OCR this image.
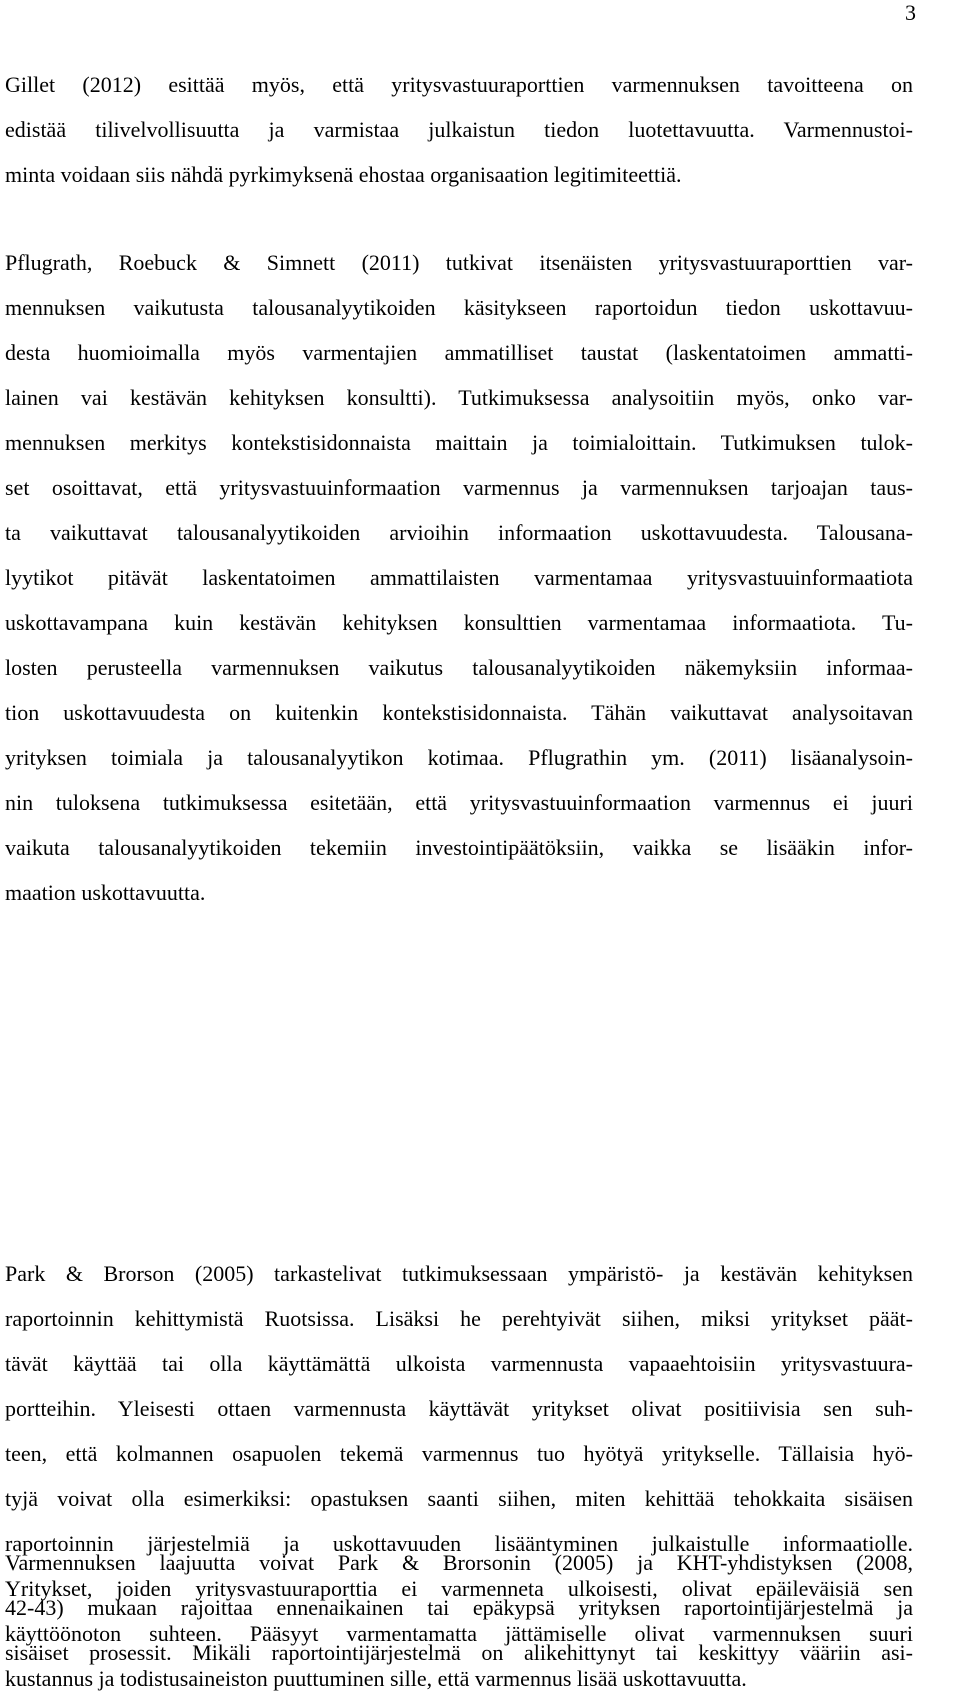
3
Gillet (2012) esittää myös, että yritysvastuuraporttien varmennuksen tavoitteena on
edistää tilivelvollisuutta ja varmistaa julkaistun tiedon luotettavuutta. Varmennustoi-
minta voidaan siis nähdä pyrkimyksenä ehostaa organisaation legitimiteettiä.
Pflugrath, Roebuck & Simnett (2011) tutkivat itsenäisten yritysvastuuraporttien var-
mennuksen vaikutusta talousanalyytikoiden käsitykseen raportoidun tiedon uskottavuu-
desta huomioimalla myös varmentajien ammatilliset taustat (laskentatoimen ammatti-
lainen vai kestävän kehityksen konsultti). Tutkimuksessa analysoitiin myös, onko var-
mennuksen merkitys kontekstisidonnaista maittain ja toimialoittain. Tutkimuksen tulok-
set osoittavat, että yritysvastuuinformaation varmennus ja varmennuksen tarjoajan taus-
ta vaikuttavat talousanalyytikoiden arvioihin informaation uskottavuudesta. Talousana-
lyytikot pitävät laskentatoimen ammattilaisten varmentamaa yritysvastuuinformaatiota
uskottavampana kuin kestävän kehityksen konsulttien varmentamaa informaatiota. Tu-
losten perusteella varmennuksen vaikutus talousanalyytikoiden näkemyksiin informaa-
tion uskottavuudesta on kuitenkin kontekstisidonnaista. Tähän vaikuttavat analysoitavan
yrityksen toimiala ja talousanalyytikon kotimaa. Pflugrathin ym. (2011) lisäanalysoin-
nin tuloksena tutkimuksessa esitetään, että yritysvastuuinformaation varmennus ei juuri
vaikuta talousanalyytikoiden tekemiin investointipäätöksiin, vaikka se lisääkin infor-
maation uskottavuutta.
Park & Brorson (2005) tarkastelivat tutkimuksessaan ympäristö- ja kestävän kehityksen
raportoinnin kehittymistä Ruotsissa. Lisäksi he perehtyivät siihen, miksi yritykset päät-
tävät käyttää tai olla käyttämättä ulkoista varmennusta vapaaehtoisiin yritysvastuura-
portteihin. Yleisesti ottaen varmennusta käyttävät yritykset olivat positiivisia sen suh-
teen, että kolmannen osapuolen tekemä varmennus tuo hyötyä yritykselle. Tällaisia hyö-
tyjä voivat olla esimerkiksi: opastuksen saanti siihen, miten kehittää tehokkaita sisäisen
raportoinnin järjestelmiä ja uskottavuuden lisääntyminen julkaistulle informaatiolle.
Yritykset, joiden yritysvastuuraporttia ei varmenneta ulkoisesti, olivat epäileväisiä sen
käyttöönoton suhteen. Pääsyyt varmentamatta jättämiselle olivat varmennuksen suuri
kustannus ja todistusaineiston puuttuminen sille, että varmennus lisää uskottavuutta.
Varmennuksen laajuutta voivat Park & Brorsonin (2005) ja KHT-yhdistyksen (2008,
42-43) mukaan rajoittaa ennenaikainen tai epäkypsä yrityksen raportointijärjestelmä ja
sisäiset prosessit. Mikäli raportointijärjestelmä on alikehittynyt tai keskittyy vääriin asi-
